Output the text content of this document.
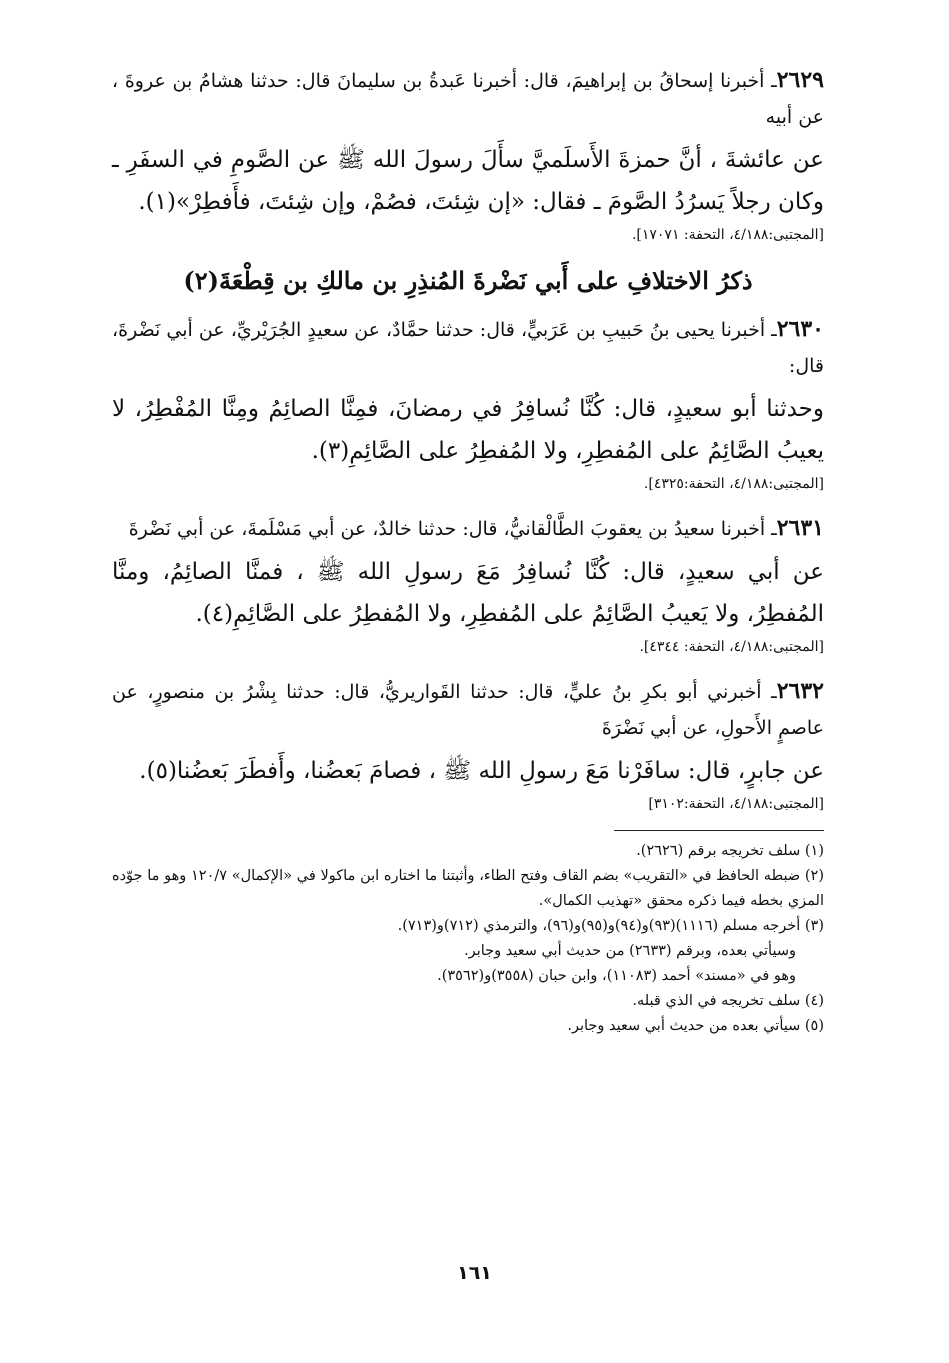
٢٦٢٩ـ أخبرنا إسحاقُ بن إبراهيمَ، قال: أخبرنا عَبدةُ بن سليمانَ قال: حدثنا هشامُ بن عروةَ ، عن أبيه
عن عائشةَ ، أنَّ حمزةَ الأَسلَميَّ سأَلَ رسولَ الله ﷺ عن الصَّومِ في السفَرِ ـ وكان رجلاً يَسرُدُ الصَّومَ ـ فقال: «إن شِئتَ، فصُمْ، وإن شِئتَ، فأَفطِرْ»(١).
[المجتبى:٤/١٨٨، التحفة: ١٧٠٧١].
ذكرُ الاختلافِ على أَبي نَضْرةَ المُنذِرِ بن مالكِ بن قِطْعَةَ(٢)
٢٦٣٠ـ أخبرنا يحيى بنُ حَبيبِ بن عَرَبيٍّ، قال: حدثنا حمَّادٌ، عن سعيدٍ الجُرَيْريِّ، عن أبي نَضْرةَ، قال:
وحدثنا أبو سعيدٍ، قال: كُنَّا نُسافِرُ في رمضانَ، فمِنَّا الصائِمُ ومِنَّا المُفْطِرُ، لا يعيبُ الصَّائِمُ على المُفطِرِ، ولا المُفطِرُ على الصَّائِمِ(٣).
[المجتبى:٤/١٨٨، التحفة:٤٣٢٥].
٢٦٣١ـ أخبرنا سعيدُ بن يعقوبَ الطَّالْقانيُّ، قال: حدثنا خالدٌ، عن أبي مَسْلَمةَ، عن أبي نَضْرةَ
عن أبي سعيدٍ، قال: كُنَّا نُسافِرُ مَعَ رسولِ الله ﷺ ، فمنَّا الصائِمُ، ومنَّا المُفطِرُ، ولا يَعيبُ الصَّائِمُ على المُفطِرِ، ولا المُفطِرُ على الصَّائِمِ(٤).
[المجتبى:٤/١٨٨، التحفة: ٤٣٤٤].
٢٦٣٢ـ أخبرني أبو بكرِ بنُ عليٍّ، قال: حدثنا القَواريريُّ، قال: حدثنا بِشْرُ بن منصورٍ، عن عاصمٍ الأَحولِ، عن أبي نَضْرَةَ
عن جابرٍ، قال: سافَرْنا مَعَ رسولِ الله ﷺ ، فصامَ بَعضُنا، وأَفطَرَ بَعضُنا(٥).
[المجتبى:٤/١٨٨، التحفة:٣١٠٢]

(١) سلف تخريجه برقم (٢٦٢٦).

(٢) ضبطه الحافظ في «التقريب» بضم القاف وفتح الطاء، وأثبتنا ما اختاره ابن ماكولا في «الإكمال» ١٢٠/٧ وهو ما جوّده المزي بخطه فيما ذكره محقق «تهذيب الكمال».

(٣) أخرجه مسلم (١١١٦)(٩٣)و(٩٤)و(٩٥)و(٩٦)، والترمذي (٧١٢)و(٧١٣).

وسيأتي بعده، وبرقم (٢٦٣٣) من حديث أبي سعيد وجابر.

وهو في «مسند» أحمد (١١٠٨٣)، وابن حبان (٣٥٥٨)و(٣٥٦٢).

(٤) سلف تخريجه في الذي قبله.

(٥) سيأتي بعده من حديث أبي سعيد وجابر.

١٦١
